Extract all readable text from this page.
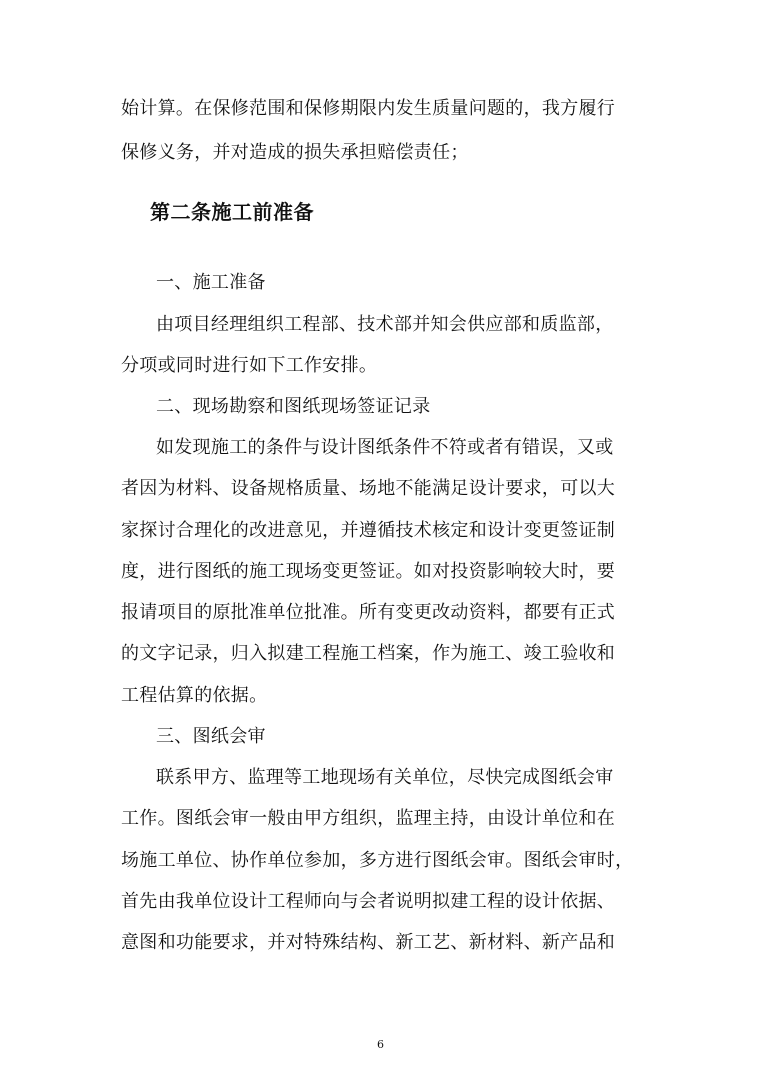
始计算。在保修范围和保修期限内发生质量问题的，我方履行
保修义务，并对造成的损失承担赔偿责任；
第二条施工前准备
一、施工准备
由项目经理组织工程部、技术部并知会供应部和质监部，
分项或同时进行如下工作安排。
二、现场勘察和图纸现场签证记录
如发现施工的条件与设计图纸条件不符或者有错误，又或
者因为材料、设备规格质量、场地不能满足设计要求，可以大
家探讨合理化的改进意见，并遵循技术核定和设计变更签证制
度，进行图纸的施工现场变更签证。如对投资影响较大时，要
报请项目的原批准单位批准。所有变更改动资料，都要有正式
的文字记录，归入拟建工程施工档案，作为施工、竣工验收和
工程估算的依据。
三、图纸会审
联系甲方、监理等工地现场有关单位，尽快完成图纸会审
工作。图纸会审一般由甲方组织，监理主持，由设计单位和在
场施工单位、协作单位参加，多方进行图纸会审。图纸会审时，
首先由我单位设计工程师向与会者说明拟建工程的设计依据、
意图和功能要求，并对特殊结构、新工艺、新材料、新产品和
6
